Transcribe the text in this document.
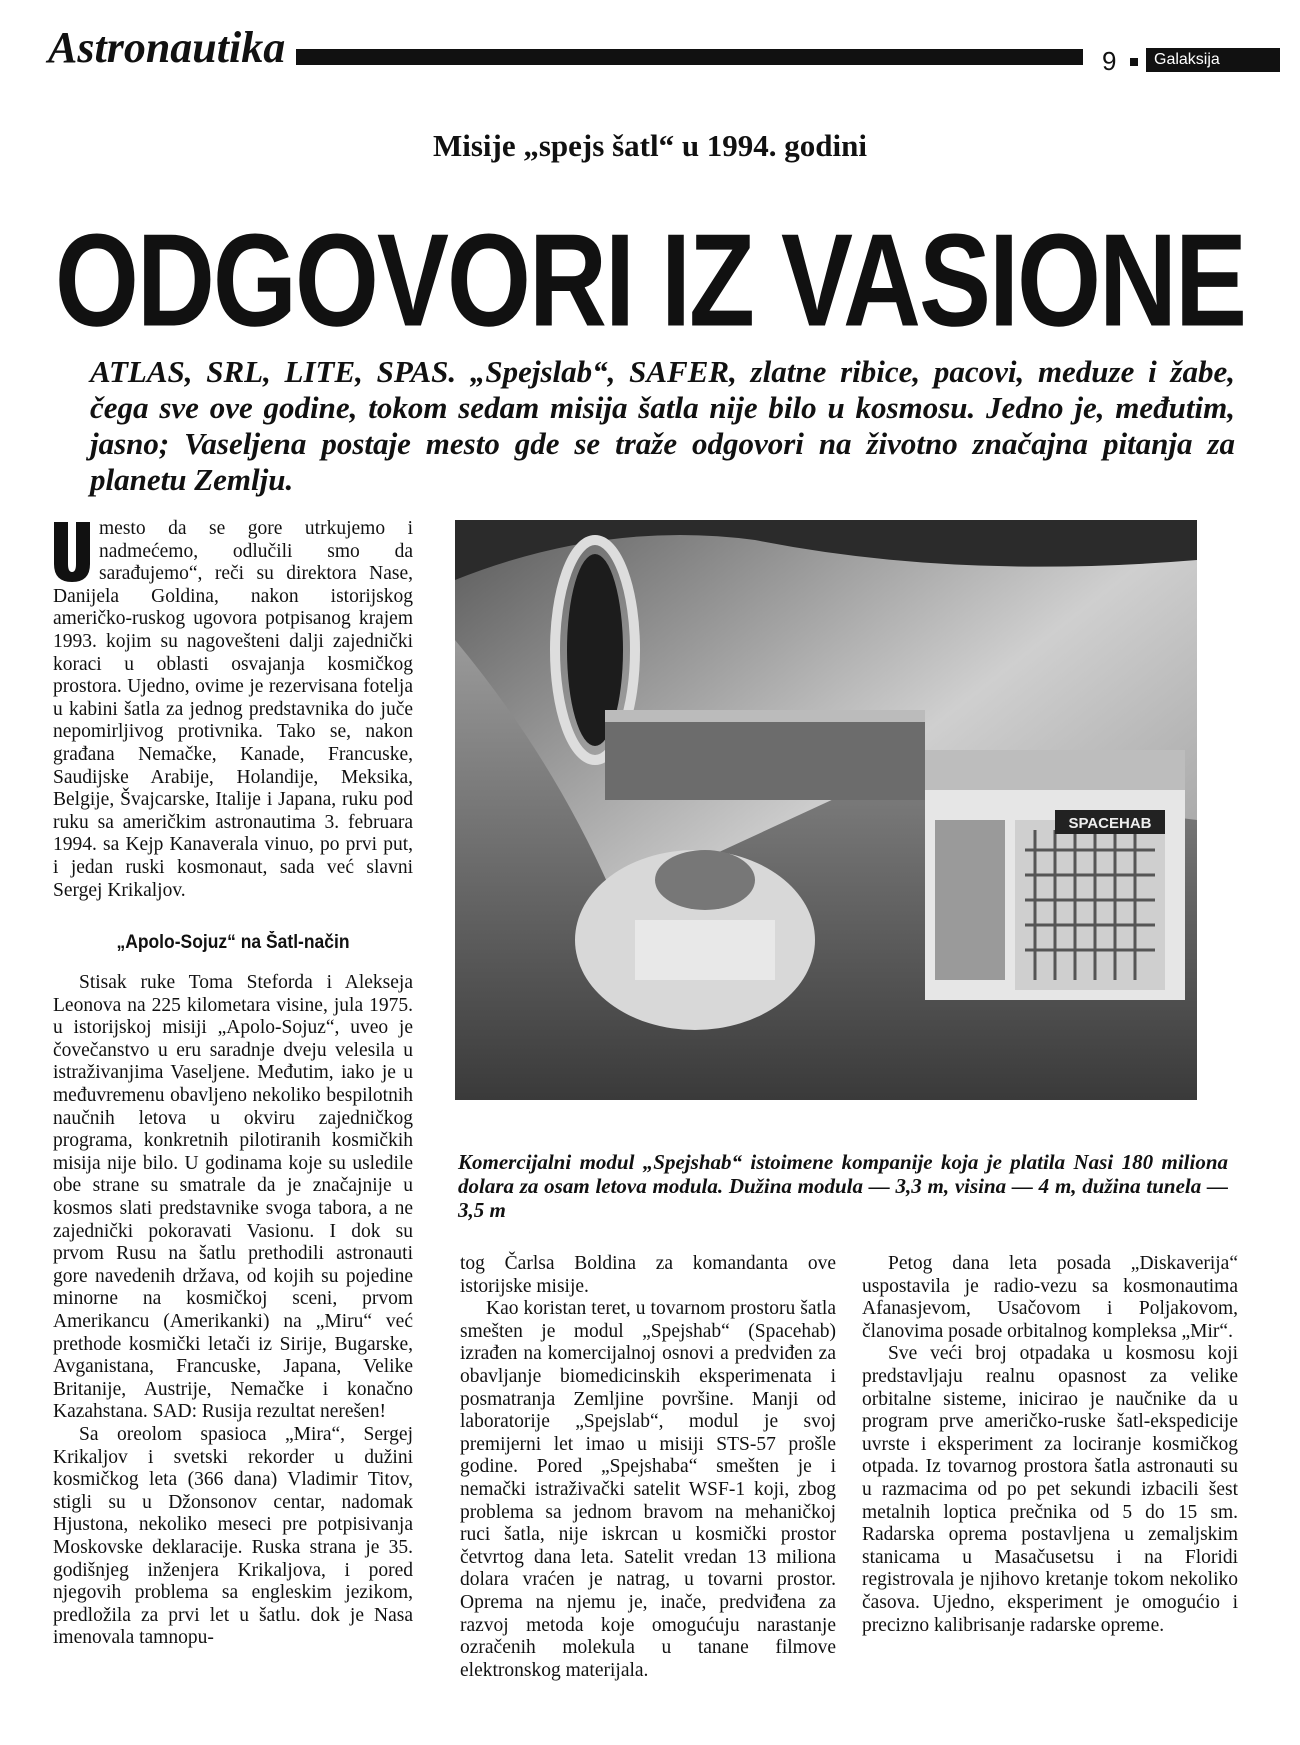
Astronautika	9	Galaksija
Misije „spejs šatl“ u 1994. godini
ODGOVORI IZ VASIONE
ATLAS, SRL, LITE, SPAS. „Spejslab“, SAFER, zlatne ribice, pacovi, meduze i žabe, čega sve ove godine, tokom sedam misija šatla nije bilo u kosmosu. Jedno je, međutim, jasno; Vaseljena postaje mesto gde se traže odgovori na životno značajna pitanja za planetu Zemlju.

mesto da se gore utrkujemo i nadmećemo, odlučili smo da sarađujemo“, reči su direktora Nase, Danijela Goldina, nakon istorijskog američko-ruskog ugovora potpisanog krajem 1993. kojim su nagovešteni dalji zajednički koraci u oblasti osvajanja kosmičkog prostora. Ujedno, ovime je rezervisana fotelja u kabini šatla za jednog predstavnika do juče nepomirljivog protivnika. Tako se, nakon građana Nemačke, Kanade, Francuske, Saudijske Arabije, Holandije, Meksika, Belgije, Švajcarske, Italije i Japana, ruku pod ruku sa američkim astronautima 3. februara 1994. sa Kejp Kanaverala vinuo, po prvi put, i jedan ruski kosmonaut, sada već slavni Sergej Krikaljov.

„Apolo-Sojuz“ na Šatl-način

Stisak ruke Toma Steforda i Alekseja Leonova na 225 kilometara visine, jula 1975. u istorijskoj misiji „Apolo-Sojuz“, uveo je čovečanstvo u eru saradnje dveju velesila u istraživanjima Vaseljene. Međutim, iako je u međuvremenu obavljeno nekoliko bespilotnih naučnih letova u okviru zajedničkog programa, konkretnih pilotiranih kosmičkih misija nije bilo. U godinama koje su usledile obe strane su smatrale da je značajnije u kosmos slati predstavnike svoga tabora, a ne zajednički pokoravati Vasionu. I dok su prvom Rusu na šatlu prethodili astronauti gore navedenih država, od kojih su pojedine minorne na kosmičkoj sceni, prvom Amerikancu (Amerikanki) na „Miru“ već prethode kosmički letači iz Sirije, Bugarske, Avganistana, Francuske, Japana, Velike Britanije, Austrije, Nemačke i konačno Kazahstana. SAD: Rusija rezultat nerešen!

Sa oreolom spasioca „Mira“, Sergej Krikaljov i svetski rekorder u dužini kosmičkog leta (366 dana) Vladimir Titov, stigli su u Džonsonov centar, nadomak Hjustona, nekoliko meseci pre potpisivanja Moskovske deklaracije. Ruska strana je 35. godišnjeg inženjera Krikaljova, i pored njegovih problema sa engleskim jezikom, predložila za prvi let u šatlu. dok je Nasa imenovala tamnopu-

SPACEHAB
Komercijalni modul „Spejshab“ istoimene kompanije koja je platila Nasi 180 miliona dolara za osam letova modula. Dužina modula — 3,3 m, visina — 4 m, dužina tunela — 3,5 m

tog Čarlsa Boldina za komandanta ove istorijske misije.

Kao koristan teret, u tovarnom prostoru šatla smešten je modul „Spejshab“ (Spacehab) izrađen na komercijalnoj osnovi a predviđen za obavljanje biomedicinskih eksperimenata i posmatranja Zemljine površine. Manji od laboratorije „Spejslab“, modul je svoj premijerni let imao u misiji STS-57 prošle godine. Pored „Spejshaba“ smešten je i nemački istraživački satelit WSF-1 koji, zbog problema sa jednom bravom na mehaničkoj ruci šatla, nije iskrcan u kosmički prostor četvrtog dana leta. Satelit vredan 13 miliona dolara vraćen je natrag, u tovarni prostor. Oprema na njemu je, inače, predviđena za razvoj metoda koje omogućuju narastanje ozračenih molekula u tanane filmove elektronskog materijala.

Petog dana leta posada „Diskaverija“ uspostavila je radio-vezu sa kosmonautima Afanasjevom, Usačovom i Poljakovom, članovima posade orbitalnog kompleksa „Mir“.

Sve veći broj otpadaka u kosmosu koji predstavljaju realnu opasnost za velike orbitalne sisteme, inicirao je naučnike da u program prve američko-ruske šatl-ekspedicije uvrste i eksperiment za lociranje kosmičkog otpada. Iz tovarnog prostora šatla astronauti su u razmacima od po pet sekundi izbacili šest metalnih loptica prečnika od 5 do 15 sm. Radarska oprema postavljena u zemaljskim stanicama u Masačusetsu i na Floridi registrovala je njihovo kretanje tokom nekoliko časova. Ujedno, eksperiment je omogućio i precizno kalibrisanje radarske opreme.
